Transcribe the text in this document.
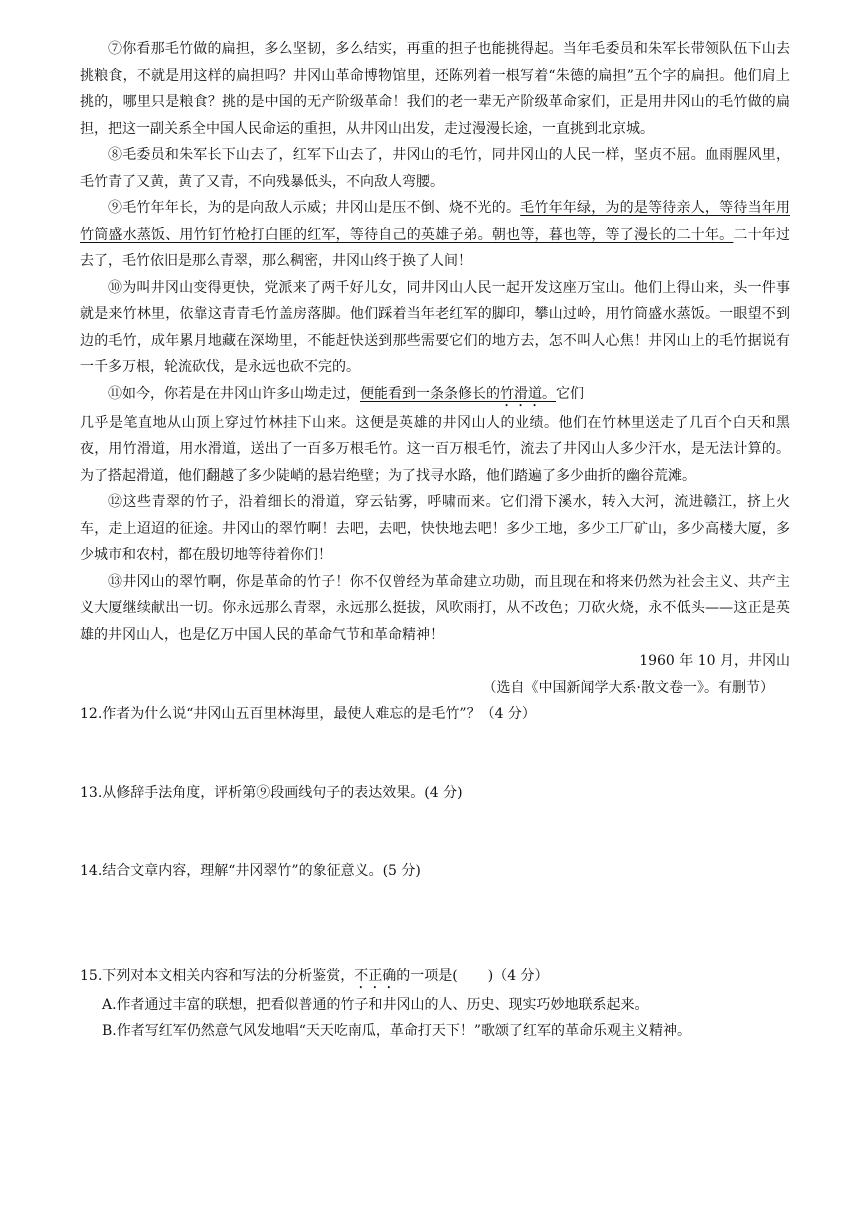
⑦你看那毛竹做的扁担，多么坚韧，多么结实，再重的担子也能挑得起。当年毛委员和朱军长带领队伍下山去挑粮食，不就是用这样的扁担吗？井冈山革命博物馆里，还陈列着一根写着“朱德的扁担”五个字的扁担。他们肩上挑的，哪里只是粮食？挑的是中国的无产阶级革命！我们的老一辈无产阶级革命家们，正是用井冈山的毛竹做的扁担，把这一副关系全中国人民命运的重担，从井冈山出发，走过漫漫长途，一直挑到北京城。

⑧毛委员和朱军长下山去了，红军下山去了，井冈山的毛竹，同井冈山的人民一样，坚贞不屈。血雨腥风里，毛竹青了又黄，黄了又青，不向残暴低头，不向敌人弯腰。

⑨毛竹年年长，为的是向敌人示威；井冈山是压不倒、烧不光的。毛竹年年绿，为的是等待亲人，等待当年用竹筒盛水蒸饭、用竹钉竹枪打白匪的红军，等待自己的英雄子弟。朝也等，暮也等，等了漫长的二十年。二十年过去了，毛竹依旧是那么青翠，那么稠密，井冈山终于换了人间！

⑩为叫井冈山变得更快，党派来了两千好儿女，同井冈山人民一起开发这座万宝山。他们上得山来，头一件事就是来竹林里，依靠这青青毛竹盖房落脚。他们踩着当年老红军的脚印，攀山过岭，用竹筒盛水蒸饭。一眼望不到边的毛竹，成年累月地藏在深坳里，不能赶快送到那些需要它们的地方去，怎不叫人心焦！井冈山上的毛竹据说有一千多万根，轮流砍伐，是永远也砍不完的。

⑪如今，你若是在井冈山许多山坳走过，便能看到一条条修长的竹滑道。它们

几乎是笔直地从山顶上穿过竹林挂下山来。这便是英雄的井冈山人的业绩。他们在竹林里送走了几百个白天和黑夜，用竹滑道，用水滑道，送出了一百多万根毛竹。这一百万根毛竹，流去了井冈山人多少汗水，是无法计算的。为了搭起滑道，他们翻越了多少陡峭的悬岩绝壁；为了找寻水路，他们踏遍了多少曲折的幽谷荒滩。

⑫这些青翠的竹子，沿着细长的滑道，穿云钻雾，呼啸而来。它们滑下溪水，转入大河，流进赣江，挤上火车，走上迢迢的征途。井冈山的翠竹啊！去吧，去吧，快快地去吧！多少工地，多少工厂矿山，多少高楼大厦，多少城市和农村，都在殷切地等待着你们！

⑬井冈山的翠竹啊，你是革命的竹子！你不仅曾经为革命建立功勋，而且现在和将来仍然为社会主义、共产主义大厦继续献出一切。你永远那么青翠，永远那么挺拔，风吹雨打，从不改色；刀砍火烧，永不低头——这正是英雄的井冈山人，也是亿万中国人民的革命气节和革命精神！

1960 年 10 月，井冈山

（选自《中国新闻学大系·散文卷一》。有删节）

12.作者为什么说“井冈山五百里林海里，最使人难忘的是毛竹”？（4 分）

13.从修辞手法角度，评析第⑨段画线句子的表达效果。(4 分)

14.结合文章内容，理解“井冈翠竹”的象征意义。(5 分)

15.下列对本文相关内容和写法的分析鉴赏，不正确的一项是( )（4 分）

A.作者通过丰富的联想，把看似普通的竹子和井冈山的人、历史、现实巧妙地联系起来。

B.作者写红军仍然意气风发地唱“天天吃南瓜，革命打天下！”歌颂了红军的革命乐观主义精神。
